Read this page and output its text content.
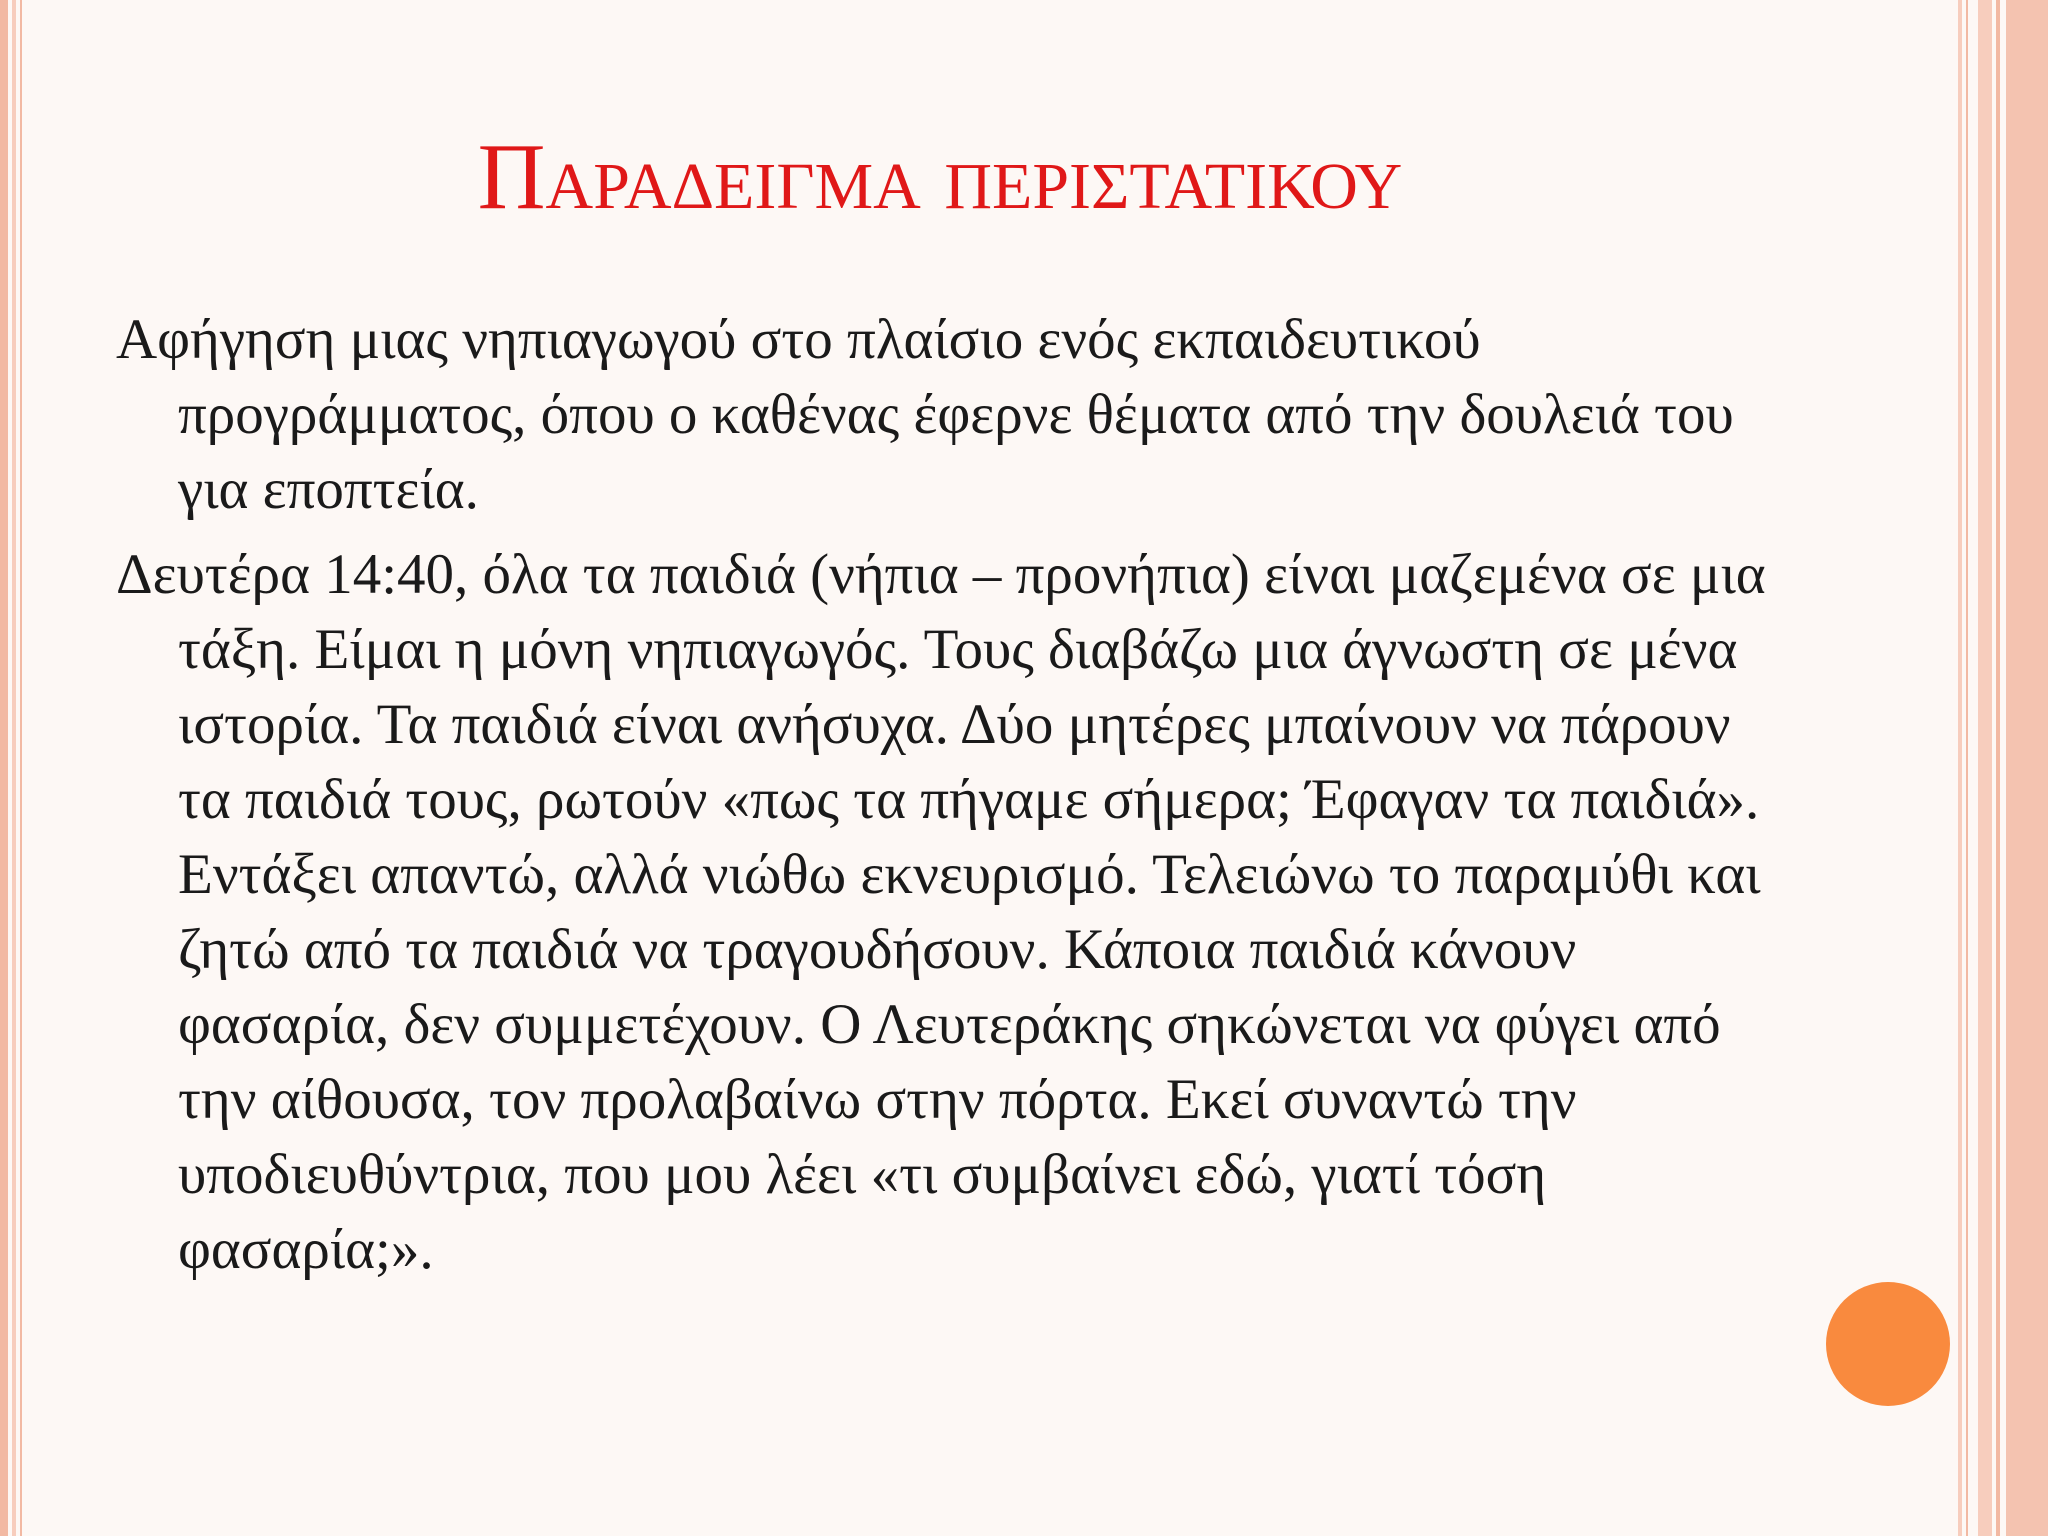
Παραδειγμα περιστατικου

Αφήγηση μιας νηπιαγωγού στο πλαίσιο ενός εκπαιδευτικού προγράμματος, όπου ο καθένας έφερνε θέματα από την δουλειά του για εποπτεία.

Δευτέρα 14:40, όλα τα παιδιά (νήπια – προνήπια) είναι μαζεμένα σε μια τάξη. Είμαι η μόνη νηπιαγωγός. Τους διαβάζω μια άγνωστη σε μένα ιστορία. Τα παιδιά είναι ανήσυχα. Δύο μητέρες μπαίνουν να πάρουν τα παιδιά τους, ρωτούν «πως τα πήγαμε σήμερα; Έφαγαν τα παιδιά». Εντάξει απαντώ, αλλά νιώθω εκνευρισμό. Τελειώνω το παραμύθι και ζητώ από τα παιδιά να τραγουδήσουν. Κάποια παιδιά κάνουν φασαρία, δεν συμμετέχουν. Ο Λευτεράκης σηκώνεται να φύγει από την αίθουσα, τον προλαβαίνω στην πόρτα. Εκεί συναντώ την υποδιευθύντρια, που μου λέει «τι συμβαίνει εδώ, γιατί τόση φασαρία;».
